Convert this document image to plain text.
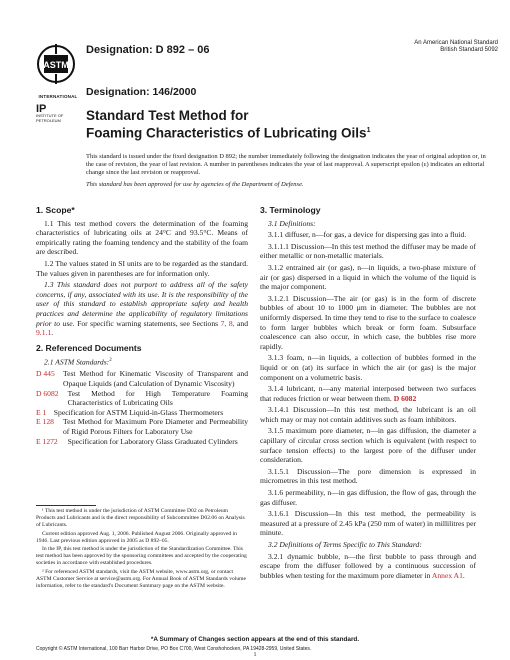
ASTM
INTERNATIONAL
IP
INSTITUTE OF PETROLEUM
Designation: D 892 – 06
Designation: 146/2000
An American National Standard
British Standard 5092
Standard Test Method for
Foaming Characteristics of Lubricating Oils$^1$
This standard is issued under the fixed designation D 892; the number immediately following the designation indicates the year of original adoption or, in the case of revision, the year of last revision. A number in parentheses indicates the year of last reapproval. A superscript epsilon (ε) indicates an editorial change since the last revision or reapproval.
This standard has been approved for use by agencies of the Department of Defense.
1. Scope*

1.1 This test method covers the determination of the foaming characteristics of lubricating oils at 24°C and 93.5°C. Means of empirically rating the foaming tendency and the stability of the foam are described.

1.2 The values stated in SI units are to be regarded as the standard. The values given in parentheses are for information only.

1.3 This standard does not purport to address all of the safety concerns, if any, associated with its use. It is the responsibility of the user of this standard to establish appropriate safety and health practices and determine the applicability of regulatory limitations prior to use. For specific warning statements, see Sections 7, 8, and 9.1.1.

2. Referenced Documents

2.1 ASTM Standards:$^2$

D 445 Test Method for Kinematic Viscosity of Transparent and Opaque Liquids (and Calculation of Dynamic Viscosity)

D 6082 Test Method for High Temperature Foaming Characteristics of Lubricating Oils

E 1 Specification for ASTM Liquid-in-Glass Thermometers

E 128 Test Method for Maximum Pore Diameter and Permeability of Rigid Porous Filters for Laboratory Use

E 1272 Specification for Laboratory Glass Graduated Cylinders

¹ This test method is under the jurisdiction of ASTM Committee D02 on Petroleum Products and Lubricants and is the direct responsibility of Subcommittee D02.06 on Analysis of Lubricants.

Current edition approved Aug. 1, 2006. Published August 2006. Originally approved in 1946. Last previous edition approved in 2005 as D 892–05.

In the IP, this test method is under the jurisdiction of the Standardization Committee. This test method has been approved by the sponsoring committees and accepted by the cooperating societies in accordance with established procedures.

² For referenced ASTM standards, visit the ASTM website, www.astm.org, or contact ASTM Customer Service at service@astm.org. For Annual Book of ASTM Standards volume information, refer to the standard's Document Summary page on the ASTM website.

3. Terminology

3.1 Definitions:

3.1.1 diffuser, n—for gas, a device for dispersing gas into a fluid.

3.1.1.1 Discussion—In this test method the diffuser may be made of either metallic or non-metallic materials.

3.1.2 entrained air (or gas), n—in liquids, a two-phase mixture of air (or gas) dispersed in a liquid in which the volume of the liquid is the major component.

3.1.2.1 Discussion—The air (or gas) is in the form of discrete bubbles of about 10 to 1000 µm in diameter. The bubbles are not uniformly dispersed. In time they tend to rise to the surface to coalesce to form larger bubbles which break or form foam. Subsurface coalescence can also occur, in which case, the bubbles rise more rapidly.

3.1.3 foam, n—in liquids, a collection of bubbles formed in the liquid or on (at) its surface in which the air (or gas) is the major component on a volumetric basis.

3.1.4 lubricant, n—any material interposed between two surfaces that reduces friction or wear between them. D 6082

3.1.4.1 Discussion—In this test method, the lubricant is an oil which may or may not contain additives such as foam inhibitors.

3.1.5 maximum pore diameter, n—in gas diffusion, the diameter a capillary of circular cross section which is equivalent (with respect to surface tension effects) to the largest pore of the diffuser under consideration.

3.1.5.1 Discussion—The pore dimension is expressed in micrometres in this test method.

3.1.6 permeability, n—in gas diffusion, the flow of gas, through the gas diffuser.

3.1.6.1 Discussion—In this test method, the permeability is measured at a pressure of 2.45 kPa (250 mm of water) in millilitres per minute.

3.2 Definitions of Terms Specific to This Standard:

3.2.1 dynamic bubble, n—the first bubble to pass through and escape from the diffuser followed by a continuous succession of bubbles when testing for the maximum pore diameter in Annex A1.

*A Summary of Changes section appears at the end of this standard.
Copyright © ASTM International, 100 Barr Harbor Drive, PO Box C700, West Conshohocken, PA 19428-2959, United States.
1
